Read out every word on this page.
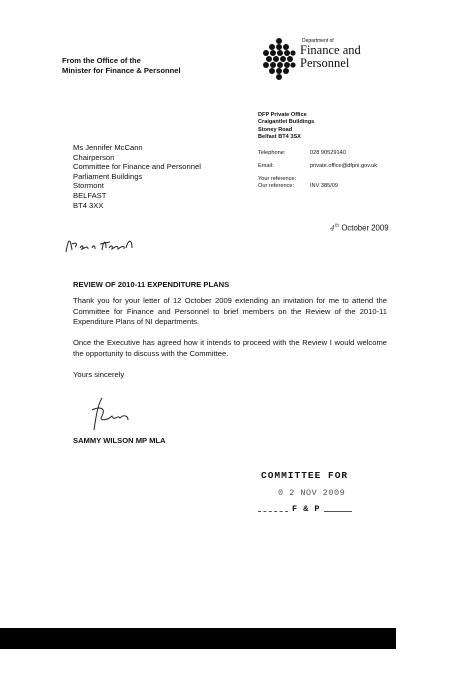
From the Office of the
Minister for Finance & Personnel
Department of
Finance and
Personnel
DFP Private Office
Craigantlet Buildings
Stoney Road
Belfast BT4 3SX
Ms Jennifer McCann
Chairperson
Committee for Finance and Personnel
Parliament Buildings
Stormont
BELFAST
BT4 3XX
Telephone:	028 90529140
Email:	private.office@dfpni.gov.uk
Your reference:
Our reference:	INV 385/09
4th October 2009
REVIEW OF 2010-11 EXPENDITURE PLANS
Thank you for your letter of 12 October 2009 extending an invitation for me to attend the Committee for Finance and Personnel to brief members on the Review of the 2010-11 Expenditure Plans of NI departments.
Once the Executive has agreed how it intends to proceed with the Review I would welcome the opportunity to discuss with the Committee.
Yours sincerely
SAMMY WILSON MP MLA
COMMITTEE FOR
0 2 NOV 2009
F & P
